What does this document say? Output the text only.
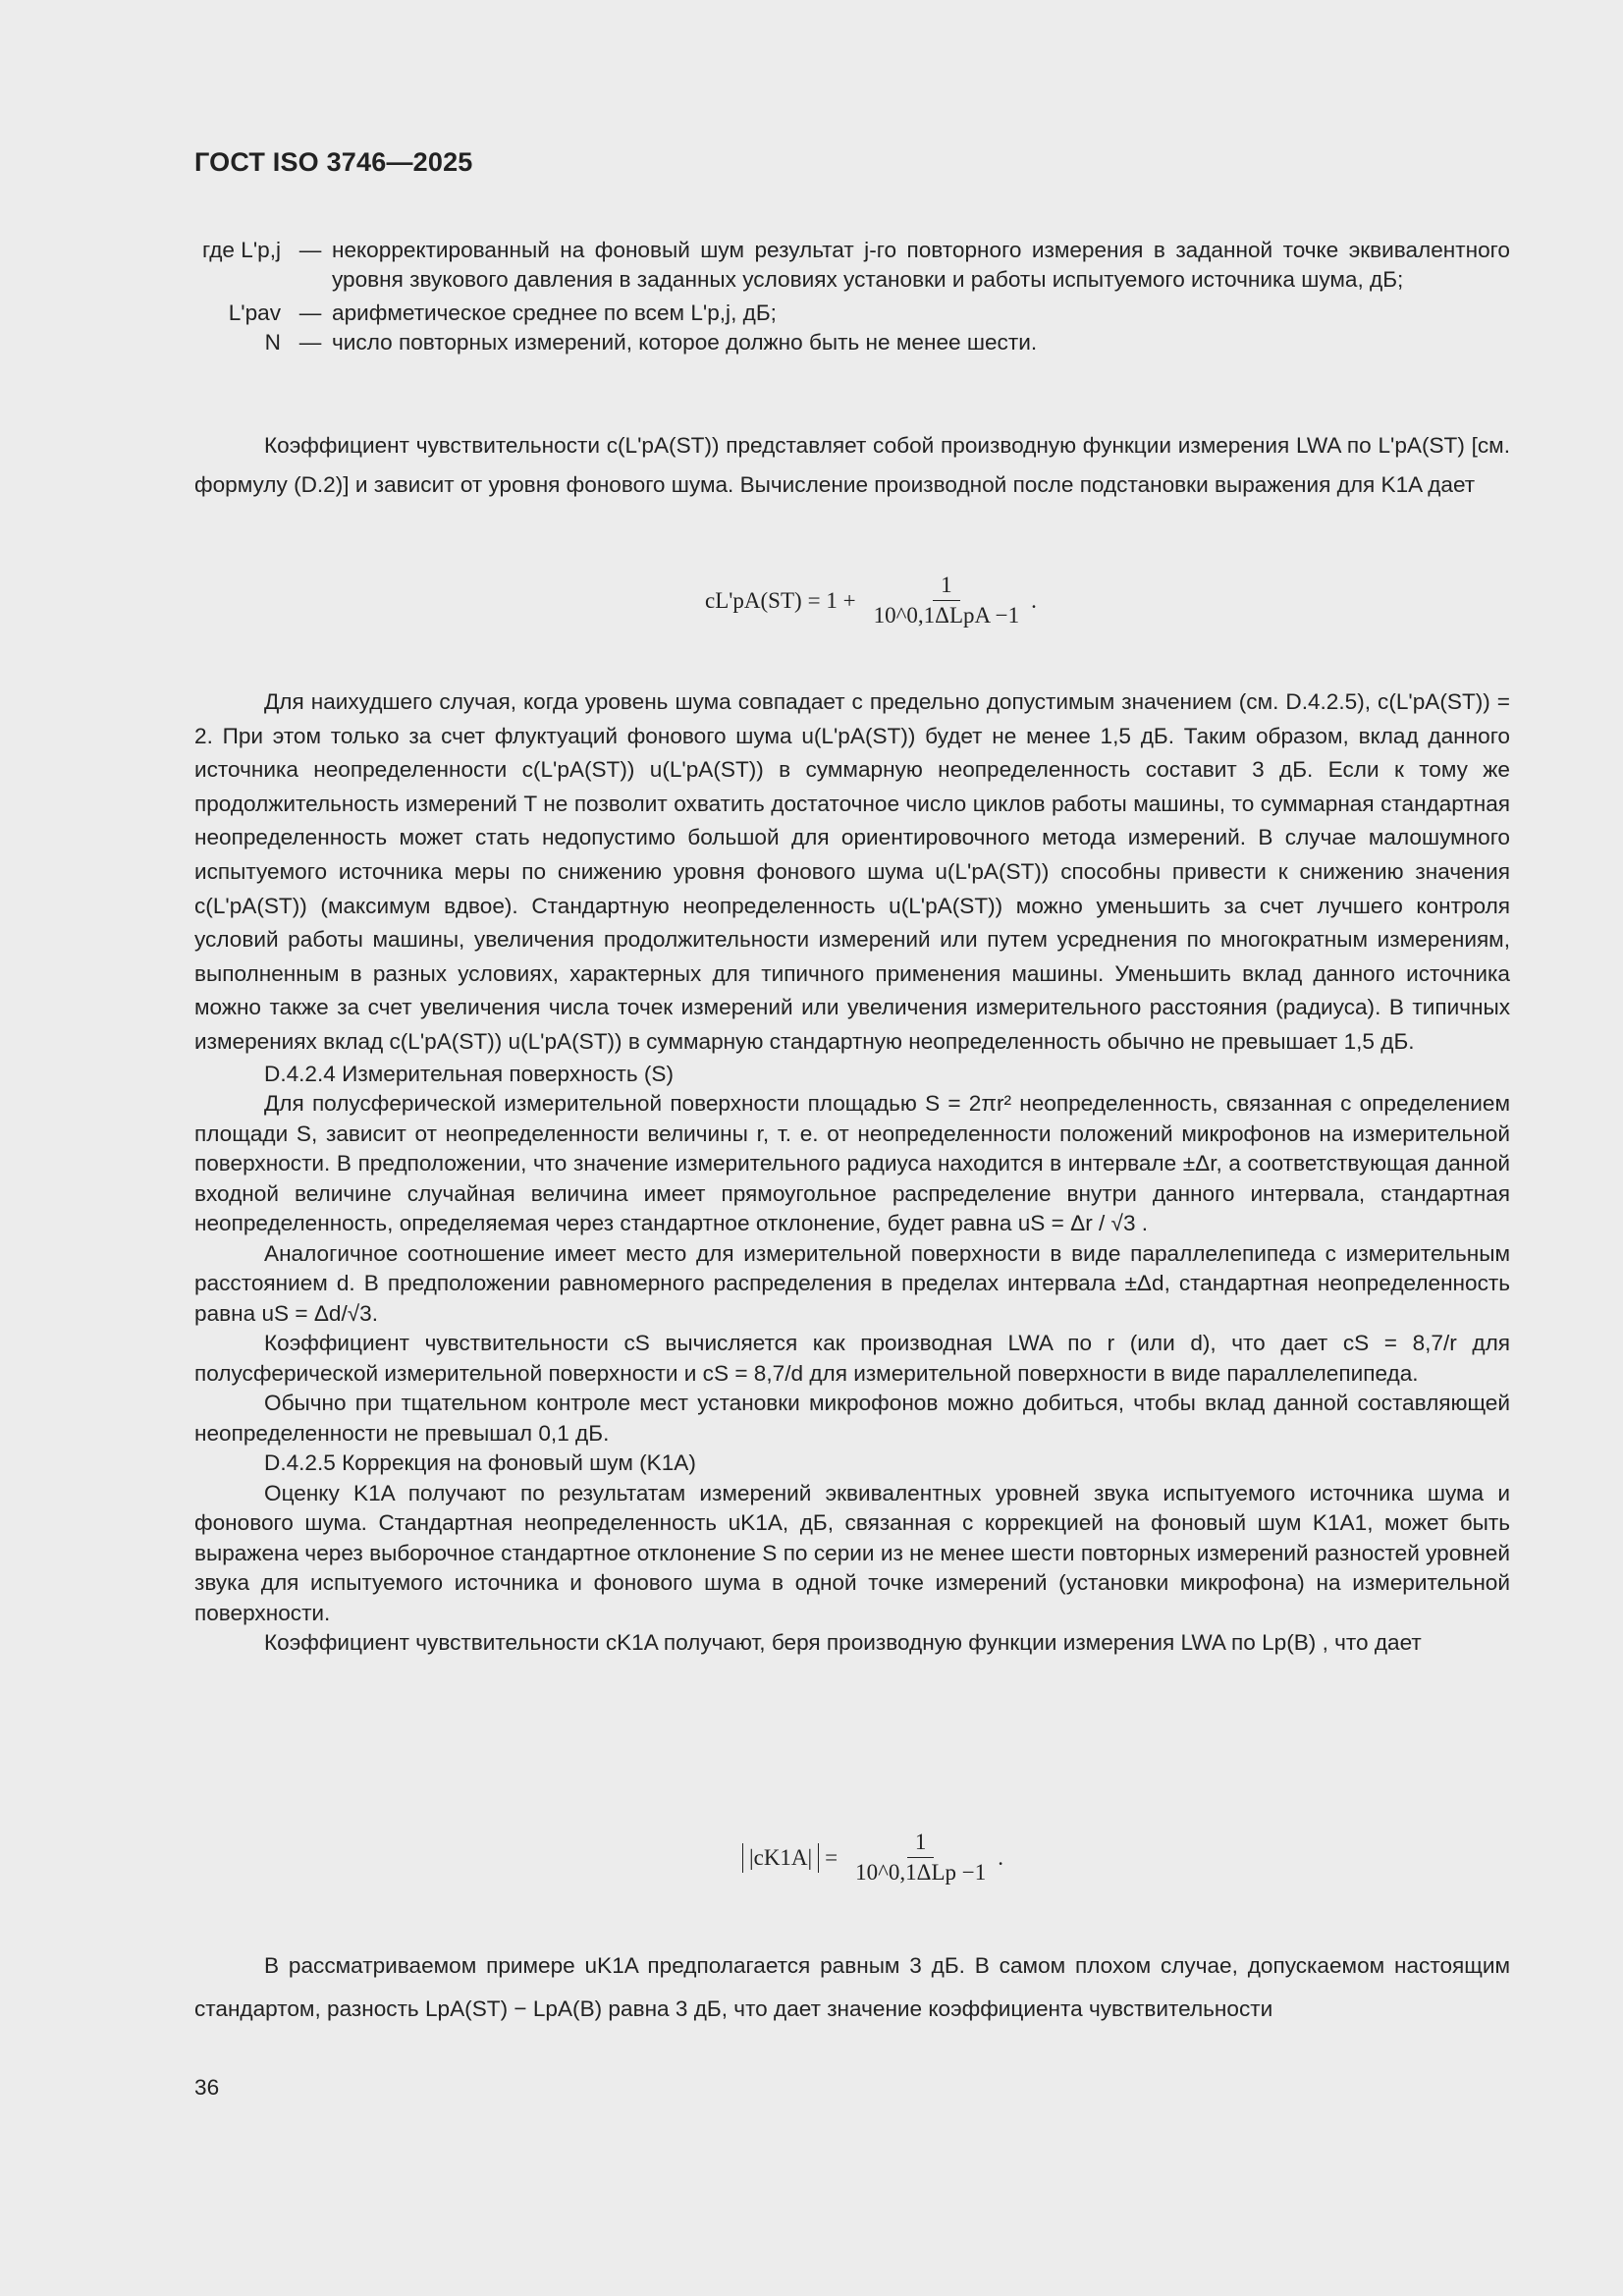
ГОСТ ISO 3746—2025
где L'p,j — некорректированный на фоновый шум результат j-го повторного измерения в заданной точке эквивалентного уровня звукового давления в заданных условиях установки и работы испытуемого источника шума, дБ;
L'pav — арифметическое среднее по всем L'p,j, дБ;
N — число повторных измерений, которое должно быть не менее шести.

Коэффициент чувствительности c(L'pA(ST)) представляет собой производную функции измерения LWA по L'pA(ST) [см. формулу (D.2)] и зависит от уровня фонового шума. Вычисление производной после подстановки выражения для K1A дает

$cL'pA(ST) = 1 + \frac{1}{\text{10\textasciicircum{}0,1ΔLpA −1}}$ .

Для наихудшего случая, когда уровень шума совпадает с предельно допустимым значением (см. D.4.2.5), c(L'pA(ST)) = 2. При этом только за счет флуктуаций фонового шума u(L'pA(ST)) будет не менее 1,5 дБ. Таким образом, вклад данного источника неопределенности c(L'pA(ST)) u(L'pA(ST)) в суммарную неопределенность составит 3 дБ. Если к тому же продолжительность измерений T не позволит охватить достаточное число циклов работы машины, то суммарная стандартная неопределенность может стать недопустимо большой для ориентировочного метода измерений. В случае малошумного испытуемого источника меры по снижению уровня фонового шума u(L'pA(ST)) способны привести к снижению значения c(L'pA(ST)) (максимум вдвое). Стандартную неопределенность u(L'pA(ST)) можно уменьшить за счет лучшего контроля условий работы машины, увеличения продолжительности измерений или путем усреднения по многократным измерениям, выполненным в разных условиях, характерных для типичного применения машины. Уменьшить вклад данного источника можно также за счет увеличения числа точек измерений или увеличения измерительного расстояния (радиуса). В типичных измерениях вклад c(L'pA(ST)) u(L'pA(ST)) в суммарную стандартную неопределенность обычно не превышает 1,5 дБ.

D.4.2.4 Измерительная поверхность (S)

Для полусферической измерительной поверхности площадью S = 2πr² неопределенность, связанная с определением площади S, зависит от неопределенности величины r, т. е. от неопределенности положений микрофонов на измерительной поверхности. В предположении, что значение измерительного радиуса находится в интервале ±Δr, а соответствующая данной входной величине случайная величина имеет прямоугольное распределение внутри данного интервала, стандартная неопределенность, определяемая через стандартное отклонение, будет равна uS = Δr / √3 .

Аналогичное соотношение имеет место для измерительной поверхности в виде параллелепипеда с измерительным расстоянием d. В предположении равномерного распределения в пределах интервала ±Δd, стандартная неопределенность равна uS = Δd/√3.

Коэффициент чувствительности cS вычисляется как производная LWA по r (или d), что дает cS = 8,7/r для полусферической измерительной поверхности и cS = 8,7/d для измерительной поверхности в виде параллелепипеда.

Обычно при тщательном контроле мест установки микрофонов можно добиться, чтобы вклад данной составляющей неопределенности не превышал 0,1 дБ.

D.4.2.5 Коррекция на фоновый шум (K1A)

Оценку K1A получают по результатам измерений эквивалентных уровней звука испытуемого источника шума и фонового шума. Стандартная неопределенность uK1A, дБ, связанная с коррекцией на фоновый шум K1A1, может быть выражена через выборочное стандартное отклонение S по серии из не менее шести повторных измерений разностей уровней звука для испытуемого источника и фонового шума в одной точке измерений (установки микрофона) на измерительной поверхности.

Коэффициент чувствительности cK1A получают, беря производную функции измерения LWA по Lp(B) , что дает

$|cK1A| = \frac{1}{\text{10\textasciicircum{}0,1ΔLp −1}}$ .

В рассматриваемом примере uK1A предполагается равным 3 дБ. В самом плохом случае, допускаемом настоящим стандартом, разность LpA(ST) − LpA(B) равна 3 дБ, что дает значение коэффициента чувствительности

36
